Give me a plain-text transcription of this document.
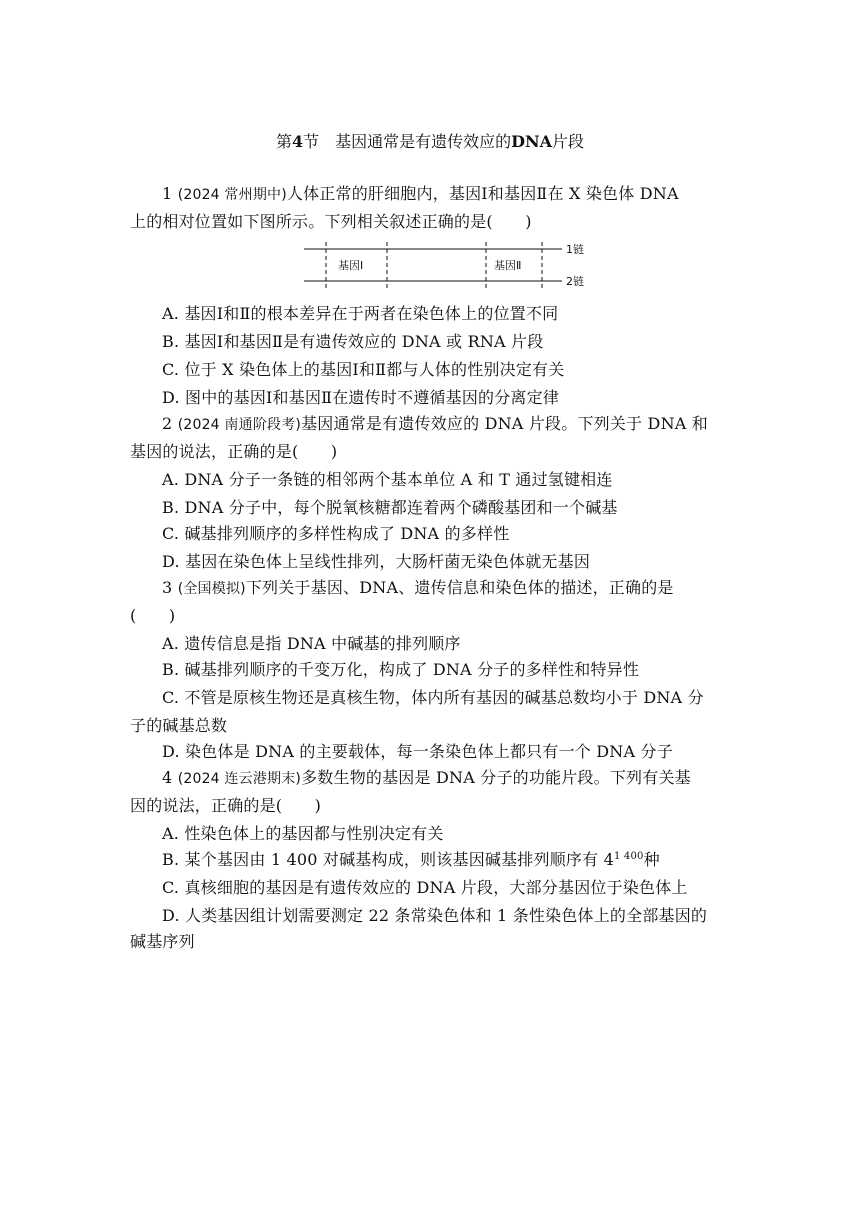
第4节　基因通常是有遗传效应的DNA片段
1 (2024 常州期中)人体正常的肝细胞内，基因Ⅰ和基因Ⅱ在 X 染色体 DNA
上的相对位置如下图所示。下列相关叙述正确的是(　　)
基因Ⅰ	基因Ⅱ
1链
2链
A. 基因Ⅰ和Ⅱ的根本差异在于两者在染色体上的位置不同
B. 基因Ⅰ和基因Ⅱ是有遗传效应的 DNA 或 RNA 片段
C. 位于 X 染色体上的基因Ⅰ和Ⅱ都与人体的性别决定有关
D. 图中的基因Ⅰ和基因Ⅱ在遗传时不遵循基因的分离定律
2 (2024 南通阶段考)基因通常是有遗传效应的 DNA 片段。下列关于 DNA 和
基因的说法，正确的是(　　)
A. DNA 分子一条链的相邻两个基本单位 A 和 T 通过氢键相连
B. DNA 分子中，每个脱氧核糖都连着两个磷酸基团和一个碱基
C. 碱基排列顺序的多样性构成了 DNA 的多样性
D. 基因在染色体上呈线性排列，大肠杆菌无染色体就无基因
3 (全国模拟)下列关于基因、DNA、遗传信息和染色体的描述，正确的是
(　　)
A. 遗传信息是指 DNA 中碱基的排列顺序
B. 碱基排列顺序的千变万化，构成了 DNA 分子的多样性和特异性
C. 不管是原核生物还是真核生物，体内所有基因的碱基总数均小于 DNA 分
子的碱基总数
D. 染色体是 DNA 的主要载体，每一条染色体上都只有一个 DNA 分子
4 (2024 连云港期末)多数生物的基因是 DNA 分子的功能片段。下列有关基
因的说法，正确的是(　　)
A. 性染色体上的基因都与性别决定有关
B. 某个基因由 1 400 对碱基构成，则该基因碱基排列顺序有 $4^{1 400}$种
C. 真核细胞的基因是有遗传效应的 DNA 片段，大部分基因位于染色体上
D. 人类基因组计划需要测定 22 条常染色体和 1 条性染色体上的全部基因的
碱基序列
